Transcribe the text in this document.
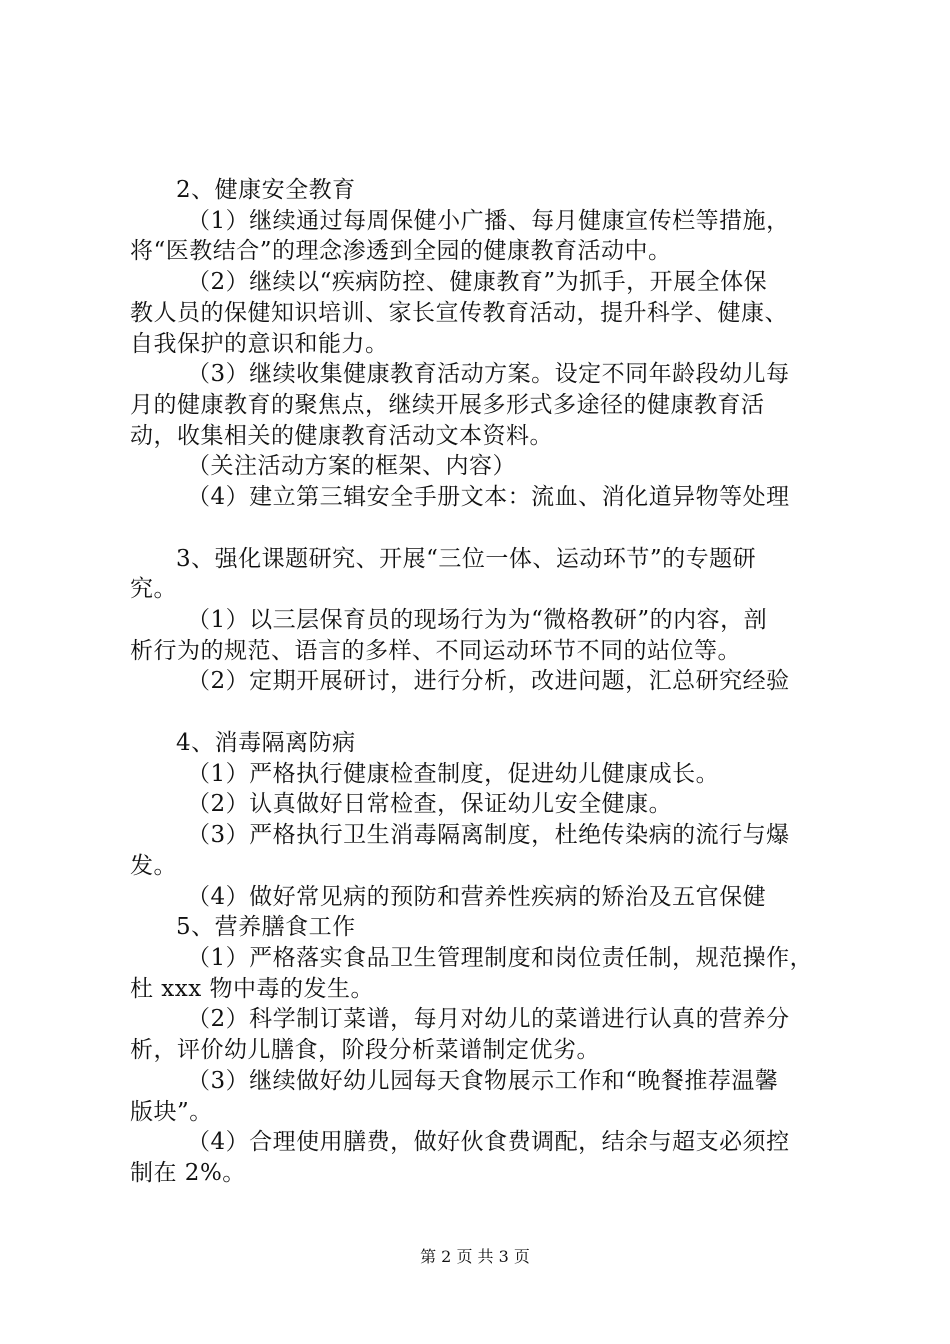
2、健康安全教育
（1）继续通过每周保健小广播、每月健康宣传栏等措施，
将“医教结合”的理念渗透到全园的健康教育活动中。
（2）继续以“疾病防控、健康教育”为抓手，开展全体保
教人员的保健知识培训、家长宣传教育活动，提升科学、健康、
自我保护的意识和能力。
（3）继续收集健康教育活动方案。设定不同年龄段幼儿每
月的健康教育的聚焦点，继续开展多形式多途径的健康教育活
动，收集相关的健康教育活动文本资料。
（关注活动方案的框架、内容）
（4）建立第三辑安全手册文本：流血、消化道异物等处理
3、强化课题研究、开展“三位一体、运动环节”的专题研
究。
（1）以三层保育员的现场行为为“微格教研”的内容，剖
析行为的规范、语言的多样、不同运动环节不同的站位等。
（2）定期开展研讨，进行分析，改进问题，汇总研究经验
4、消毒隔离防病
（1）严格执行健康检查制度，促进幼儿健康成长。
（2）认真做好日常检查，保证幼儿安全健康。
（3）严格执行卫生消毒隔离制度，杜绝传染病的流行与爆
发。
（4）做好常见病的预防和营养性疾病的矫治及五官保健
5、营养膳食工作
（1）严格落实食品卫生管理制度和岗位责任制，规范操作，
杜 xxx 物中毒的发生。
（2）科学制订菜谱，每月对幼儿的菜谱进行认真的营养分
析，评价幼儿膳食，阶段分析菜谱制定优劣。
（3）继续做好幼儿园每天食物展示工作和“晚餐推荐温馨
版块”。
（4）合理使用膳费，做好伙食费调配，结余与超支必须控
制在 2%。
第 2 页 共 3 页
